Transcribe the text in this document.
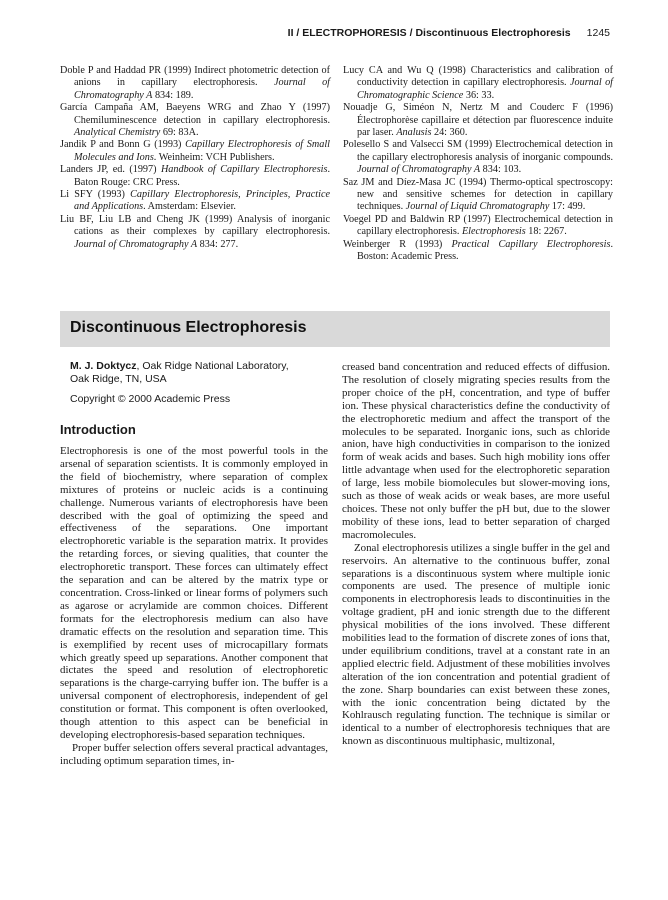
II / ELECTROPHORESIS / Discontinuous Electrophoresis 1245

Doble P and Haddad PR (1999) Indirect photometric detection of anions in capillary electrophoresis. Journal of Chromatography A 834: 189.

García Campaña AM, Baeyens WRG and Zhao Y (1997) Chemiluminescence detection in capillary electrophoresis. Analytical Chemistry 69: 83A.

Jandik P and Bonn G (1993) Capillary Electrophoresis of Small Molecules and Ions. Weinheim: VCH Publishers.

Landers JP, ed. (1997) Handbook of Capillary Electrophoresis. Baton Rouge: CRC Press.

Li SFY (1993) Capillary Electrophoresis, Principles, Practice and Applications. Amsterdam: Elsevier.

Liu BF, Liu LB and Cheng JK (1999) Analysis of inorganic cations as their complexes by capillary electrophoresis. Journal of Chromatography A 834: 277.

Lucy CA and Wu Q (1998) Characteristics and calibration of conductivity detection in capillary electrophoresis. Journal of Chromatographic Science 36: 33.

Nouadje G, Siméon N, Nertz M and Couderc F (1996) Électrophorèse capillaire et détection par fluorescence induite par laser. Analusis 24: 360.

Polesello S and Valsecci SM (1999) Electrochemical detection in the capillary electrophoresis analysis of inorganic compounds. Journal of Chromatography A 834: 103.

Saz JM and Díez-Masa JC (1994) Thermo-optical spectroscopy: new and sensitive schemes for detection in capillary techniques. Journal of Liquid Chromatography 17: 499.

Voegel PD and Baldwin RP (1997) Electrochemical detection in capillary electrophoresis. Electrophoresis 18: 2267.

Weinberger R (1993) Practical Capillary Electrophoresis. Boston: Academic Press.

Discontinuous Electrophoresis
M. J. Doktycz, Oak Ridge National Laboratory,
Oak Ridge, TN, USA
Copyright © 2000 Academic Press
Introduction

Electrophoresis is one of the most powerful tools in the arsenal of separation scientists. It is commonly employed in the field of biochemistry, where separation of complex mixtures of proteins or nucleic acids is a continuing challenge. Numerous variants of electrophoresis have been described with the goal of optimizing the speed and effectiveness of the separations. One important electrophoretic variable is the separation matrix. It provides the retarding forces, or sieving qualities, that counter the electrophoretic transport. These forces can ultimately effect the separation and can be altered by the matrix type or concentration. Cross-linked or linear forms of polymers such as agarose or acrylamide are common choices. Different formats for the electrophoresis medium can also have dramatic effects on the resolution and separation time. This is exemplified by recent uses of microcapillary formats which greatly speed up separations. Another component that dictates the speed and resolution of electrophoretic separations is the charge-carrying buffer ion. The buffer is a universal component of electrophoresis, independent of gel constitution or format. This component is often overlooked, though attention to this aspect can be beneficial in developing electrophoresis-based separation techniques.

Proper buffer selection offers several practical advantages, including optimum separation times, in-

creased band concentration and reduced effects of diffusion. The resolution of closely migrating species results from the proper choice of the pH, concentration, and type of buffer ion. These physical characteristics define the conductivity of the electrophoretic medium and affect the transport of the molecules to be separated. Inorganic ions, such as chloride anion, have high conductivities in comparison to the ionized form of weak acids and bases. Such high mobility ions offer little advantage when used for the electrophoretic separation of large, less mobile biomolecules but slower-moving ions, such as those of weak acids or weak bases, are more useful choices. These not only buffer the pH but, due to the slower mobility of these ions, lead to better separation of charged macromolecules.

Zonal electrophoresis utilizes a single buffer in the gel and reservoirs. An alternative to the continuous buffer, zonal separations is a discontinuous system where multiple ionic components are used. The presence of multiple ionic components in electrophoresis leads to discontinuities in the voltage gradient, pH and ionic strength due to the different physical mobilities of the ions involved. These different mobilities lead to the formation of discrete zones of ions that, under equilibrium conditions, travel at a constant rate in an applied electric field. Adjustment of these mobilities involves alteration of the ion concentration and potential gradient of the zone. Sharp boundaries can exist between these zones, with the ionic concentration being dictated by the Kohlrausch regulating function. The technique is similar or identical to a number of electrophoresis techniques that are known as discontinuous multiphasic, multizonal,
